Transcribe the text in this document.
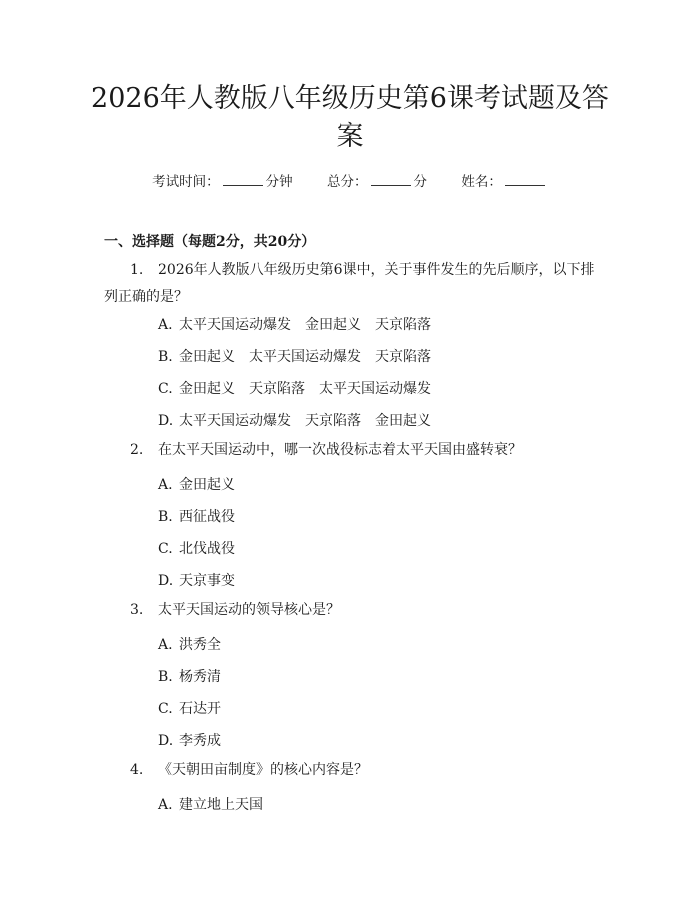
2026年人教版八年级历史第6课考试题及答
案
考试时间：	分钟	总分：	分	姓名：
一、选择题（每题2分，共20分）
1. 2026年人教版八年级历史第6课中，关于事件发生的先后顺序，以下排
列正确的是？
A. 太平天国运动爆发　金田起义　天京陷落
B. 金田起义　太平天国运动爆发　天京陷落
C. 金田起义　天京陷落　太平天国运动爆发
D. 太平天国运动爆发　天京陷落　金田起义
2. 在太平天国运动中，哪一次战役标志着太平天国由盛转衰？
A. 金田起义
B. 西征战役
C. 北伐战役
D. 天京事变
3. 太平天国运动的领导核心是？
A. 洪秀全
B. 杨秀清
C. 石达开
D. 李秀成
4. 《天朝田亩制度》的核心内容是？
A. 建立地上天国
